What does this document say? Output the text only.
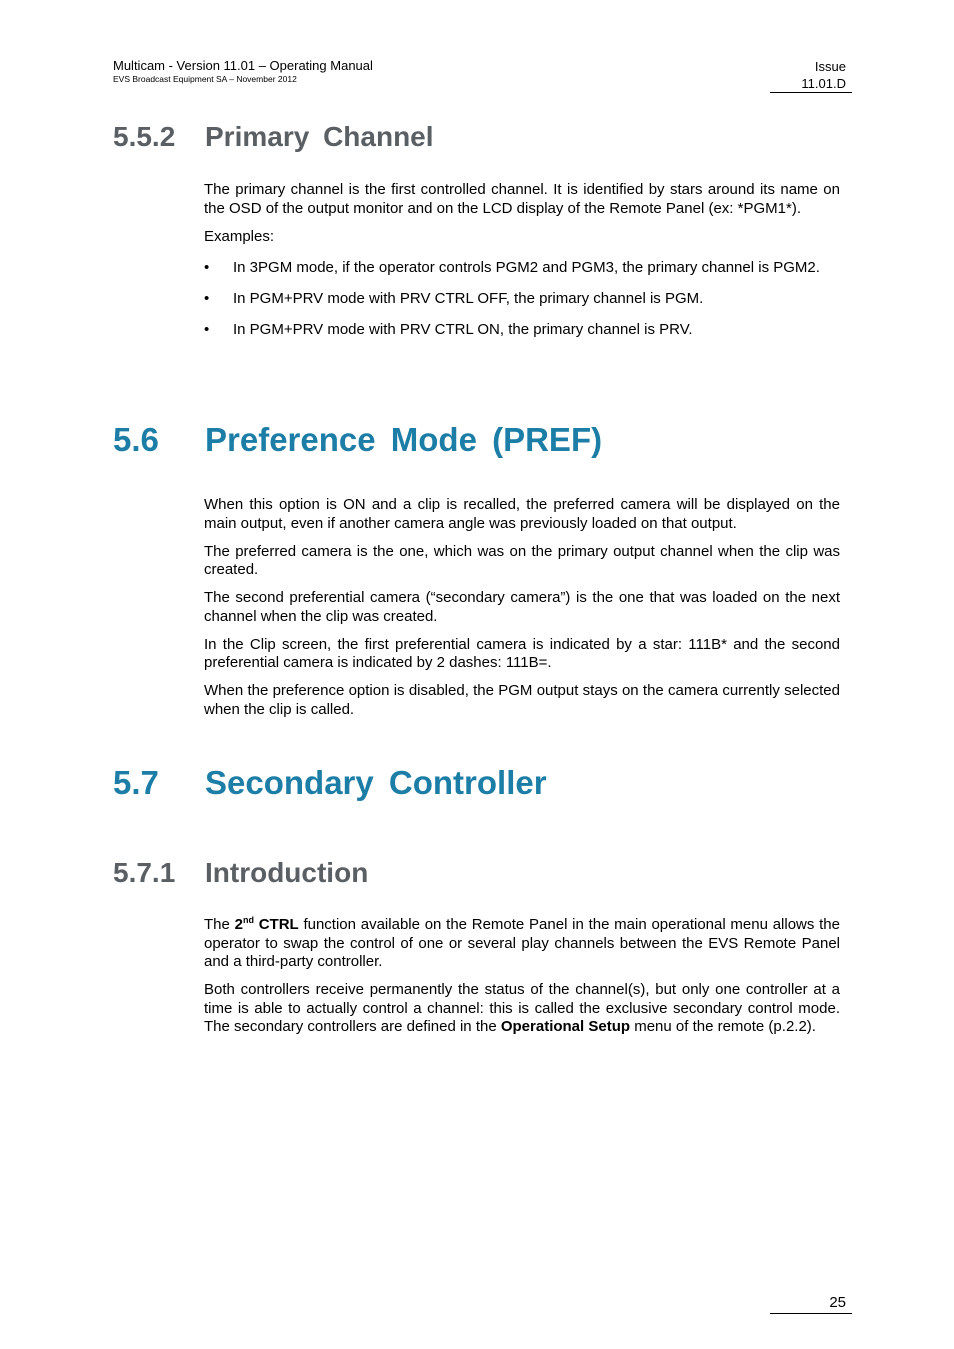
Multicam - Version 11.01 – Operating Manual
EVS Broadcast Equipment SA – November 2012
Issue
11.01.D
5.5.2 Primary Channel

The primary channel is the first controlled channel. It is identified by stars around its name on the OSD of the output monitor and on the LCD display of the Remote Panel (ex: *PGM1*).

Examples:

• In 3PGM mode, if the operator controls PGM2 and PGM3, the primary channel is PGM2.
• In PGM+PRV mode with PRV CTRL OFF, the primary channel is PGM.
• In PGM+PRV mode with PRV CTRL ON, the primary channel is PRV.
5.6 Preference Mode (PREF)

When this option is ON and a clip is recalled, the preferred camera will be displayed on the main output, even if another camera angle was previously loaded on that output.

The preferred camera is the one, which was on the primary output channel when the clip was created.

The second preferential camera (“secondary camera”) is the one that was loaded on the next channel when the clip was created.

In the Clip screen, the first preferential camera is indicated by a star: 111B* and the second preferential camera is indicated by 2 dashes: 111B=.

When the preference option is disabled, the PGM output stays on the camera currently selected when the clip is called.

5.7 Secondary Controller
5.7.1 Introduction

The 2nd CTRL function available on the Remote Panel in the main operational menu allows the operator to swap the control of one or several play channels between the EVS Remote Panel and a third-party controller.

Both controllers receive permanently the status of the channel(s), but only one controller at a time is able to actually control a channel: this is called the exclusive secondary control mode. The secondary controllers are defined in the Operational Setup menu of the remote (p.2.2).

25
